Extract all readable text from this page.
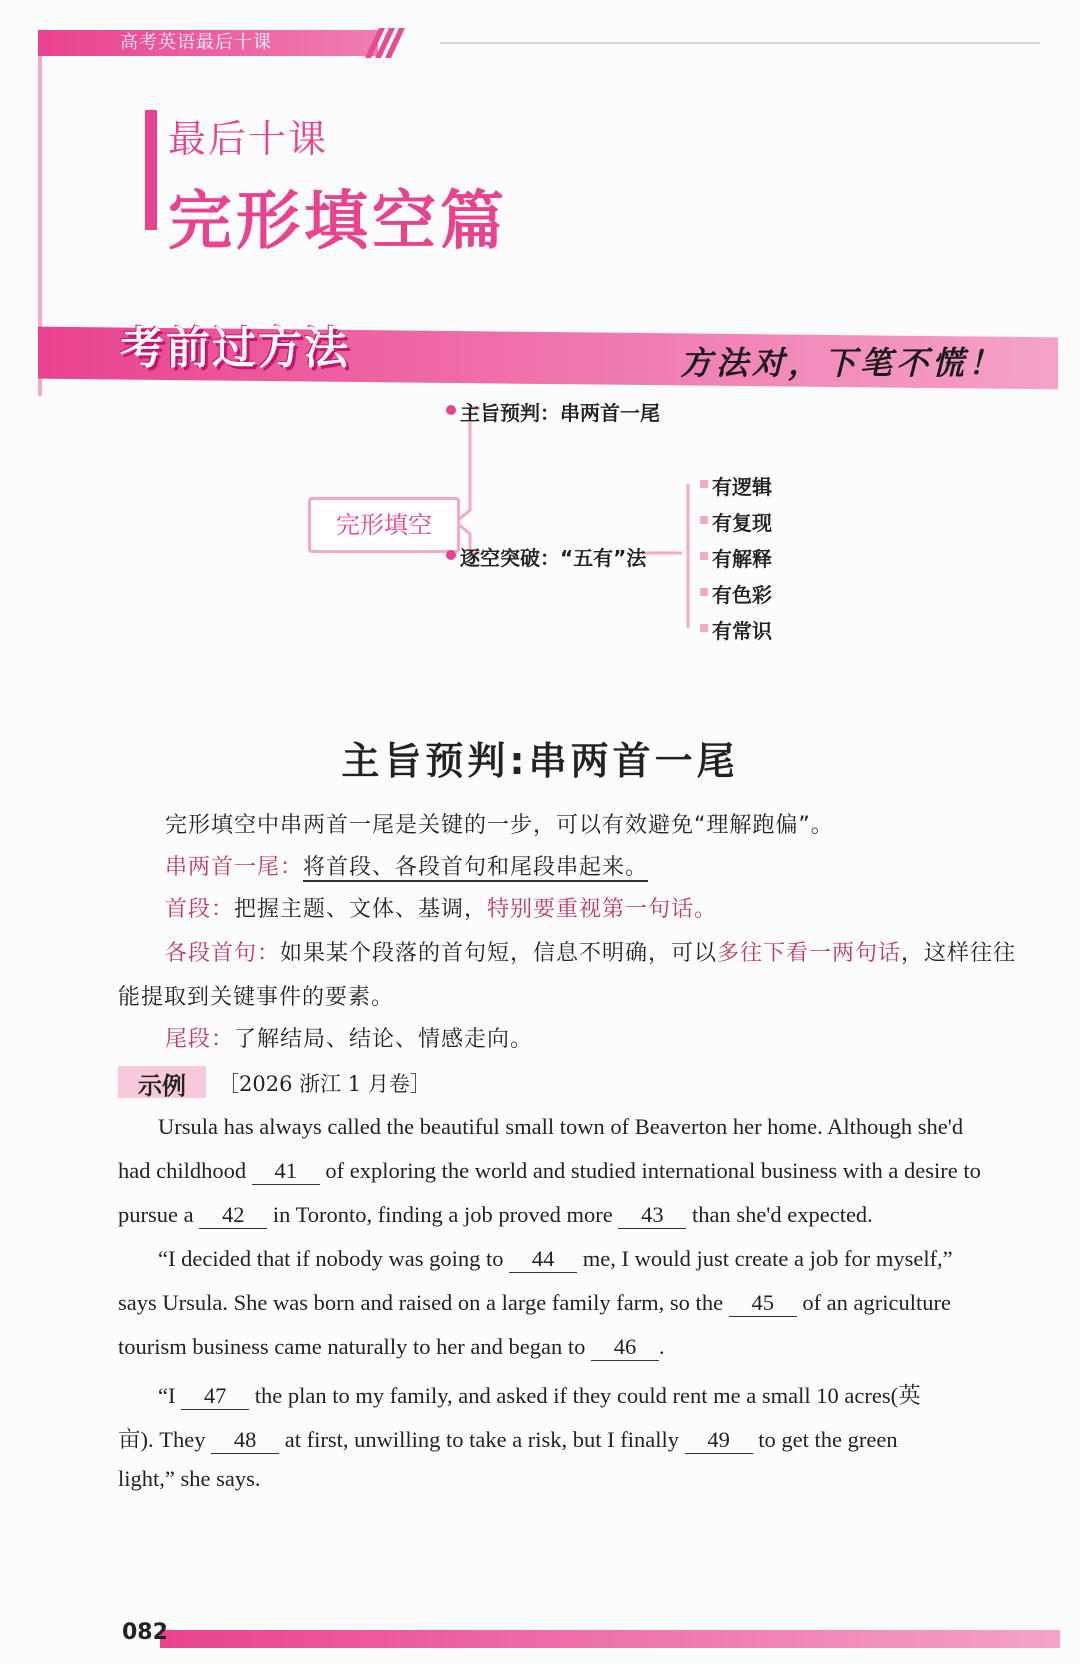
高考英语最后十课
最后十课
完形填空篇
考前过方法	方法对，下笔不慌！
完形填空
主旨预判：串两首一尾
逐空突破：“五有”法
有逻辑
有复现
有解释
有色彩
有常识
主旨预判:串两首一尾
完形填空中串两首一尾是关键的一步，可以有效避免“理解跑偏”。
串两首一尾：将首段、各段首句和尾段串起来。
首段：把握主题、文体、基调，特别要重视第一句话。
各段首句：如果某个段落的首句短，信息不明确，可以多往下看一两句话，这样往往
能提取到关键事件的要素。
尾段：了解结局、结论、情感走向。
示例 ［2026 浙江 1 月卷］
Ursula has always called the beautiful small town of Beaverton her home. Although she'd
had childhood 41 of exploring the world and studied international business with a desire to
pursue a 42 in Toronto, finding a job proved more 43 than she'd expected.
“I decided that if nobody was going to 44 me, I would just create a job for myself,”
says Ursula. She was born and raised on a large family farm, so the 45 of an agriculture
tourism business came naturally to her and began to 46 .
“I 47 the plan to my family, and asked if they could rent me a small 10 acres(英
亩). They 48 at first, unwilling to take a risk, but I finally 49 to get the green
light,” she says.
082
